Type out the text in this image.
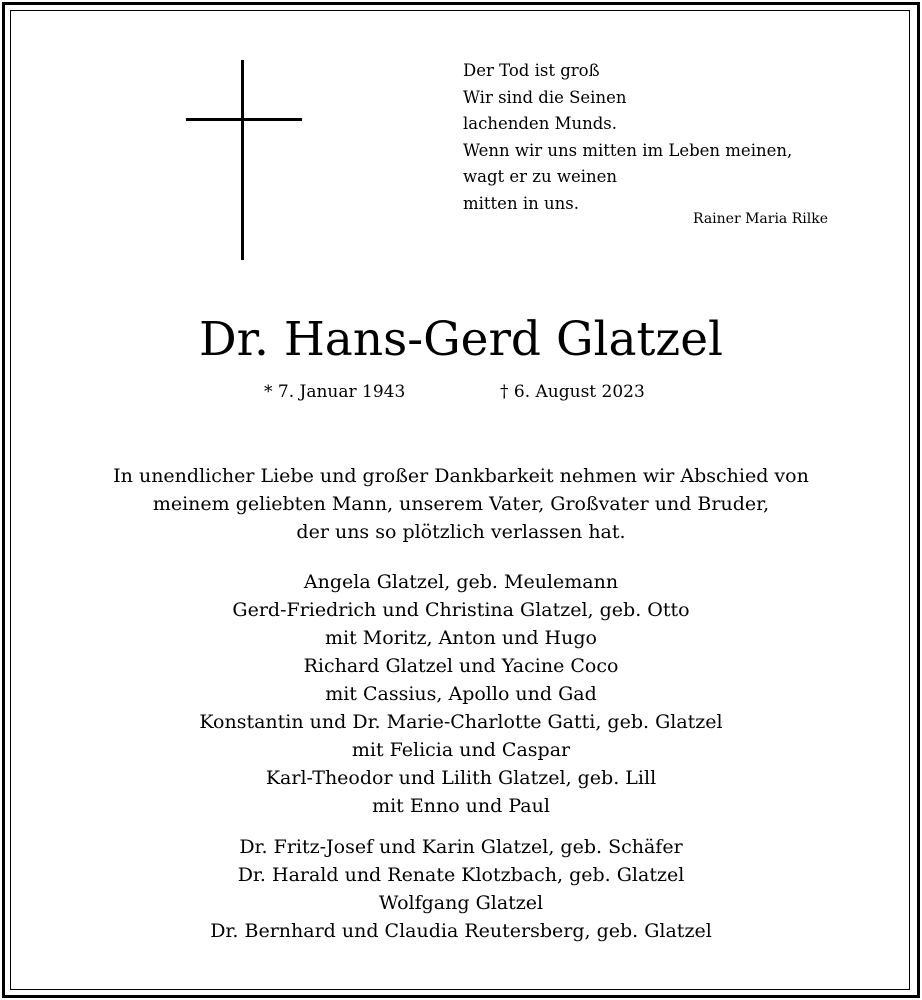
Der Tod ist groß
Wir sind die Seinen
lachenden Munds.
Wenn wir uns mitten im Leben meinen,
wagt er zu weinen
mitten in uns.
Rainer Maria Rilke
Dr. Hans-Gerd Glatzel
* 7. Januar 1943	† 6. August 2023
In unendlicher Liebe und großer Dankbarkeit nehmen wir Abschied von
meinem geliebten Mann, unserem Vater, Großvater und Bruder,
der uns so plötzlich verlassen hat.
Angela Glatzel, geb. Meulemann
Gerd-Friedrich und Christina Glatzel, geb. Otto
mit Moritz, Anton und Hugo
Richard Glatzel und Yacine Coco
mit Cassius, Apollo und Gad
Konstantin und Dr. Marie-Charlotte Gatti, geb. Glatzel
mit Felicia und Caspar
Karl-Theodor und Lilith Glatzel, geb. Lill
mit Enno und Paul
Dr. Fritz-Josef und Karin Glatzel, geb. Schäfer
Dr. Harald und Renate Klotzbach, geb. Glatzel
Wolfgang Glatzel
Dr. Bernhard und Claudia Reutersberg, geb. Glatzel
